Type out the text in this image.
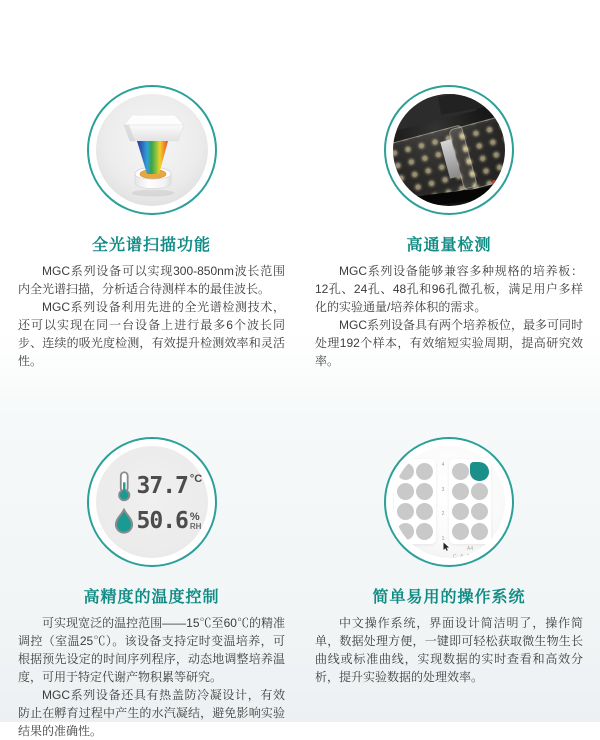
全光谱扫描功能

MGC系列设备可以实现300-850nm波长范围内全光谱扫描，分析适合待测样本的最佳波长。

MGC系列设备利用先进的全光谱检测技术，还可以实现在同一台设备上进行最多6个波长同步、连续的吸光度检测，有效提升检测效率和灵活性。

高通量检测

MGC系列设备能够兼容多种规格的培养板：12孔、24孔、48孔和96孔微孔板，满足用户多样化的实验通量/培养体积的需求。

MGC系列设备具有两个培养板位，最多可同时处理192个样本，有效缩短实验周期，提高研究效率。

37.7 °C
50.6 %
RH
高精度的温度控制

可实现宽泛的温控范围——15℃至60℃的精准调控（室温25℃）。该设备支持定时变温培养，可根据预先设定的时间序列程序，动态地调整培养温度，可用于特定代谢产物积累等研究。

MGC系列设备还具有热盖防冷凝设计，有效防止在孵育过程中产生的水汽凝结，避免影响实验结果的准确性。

4
3
2
1
C	A4
C.A.BP
简单易用的操作系统

中文操作系统，界面设计简洁明了，操作简单，数据处理方便，一键即可轻松获取微生物生长曲线或标准曲线，实现数据的实时查看和高效分析，提升实验数据的处理效率。
